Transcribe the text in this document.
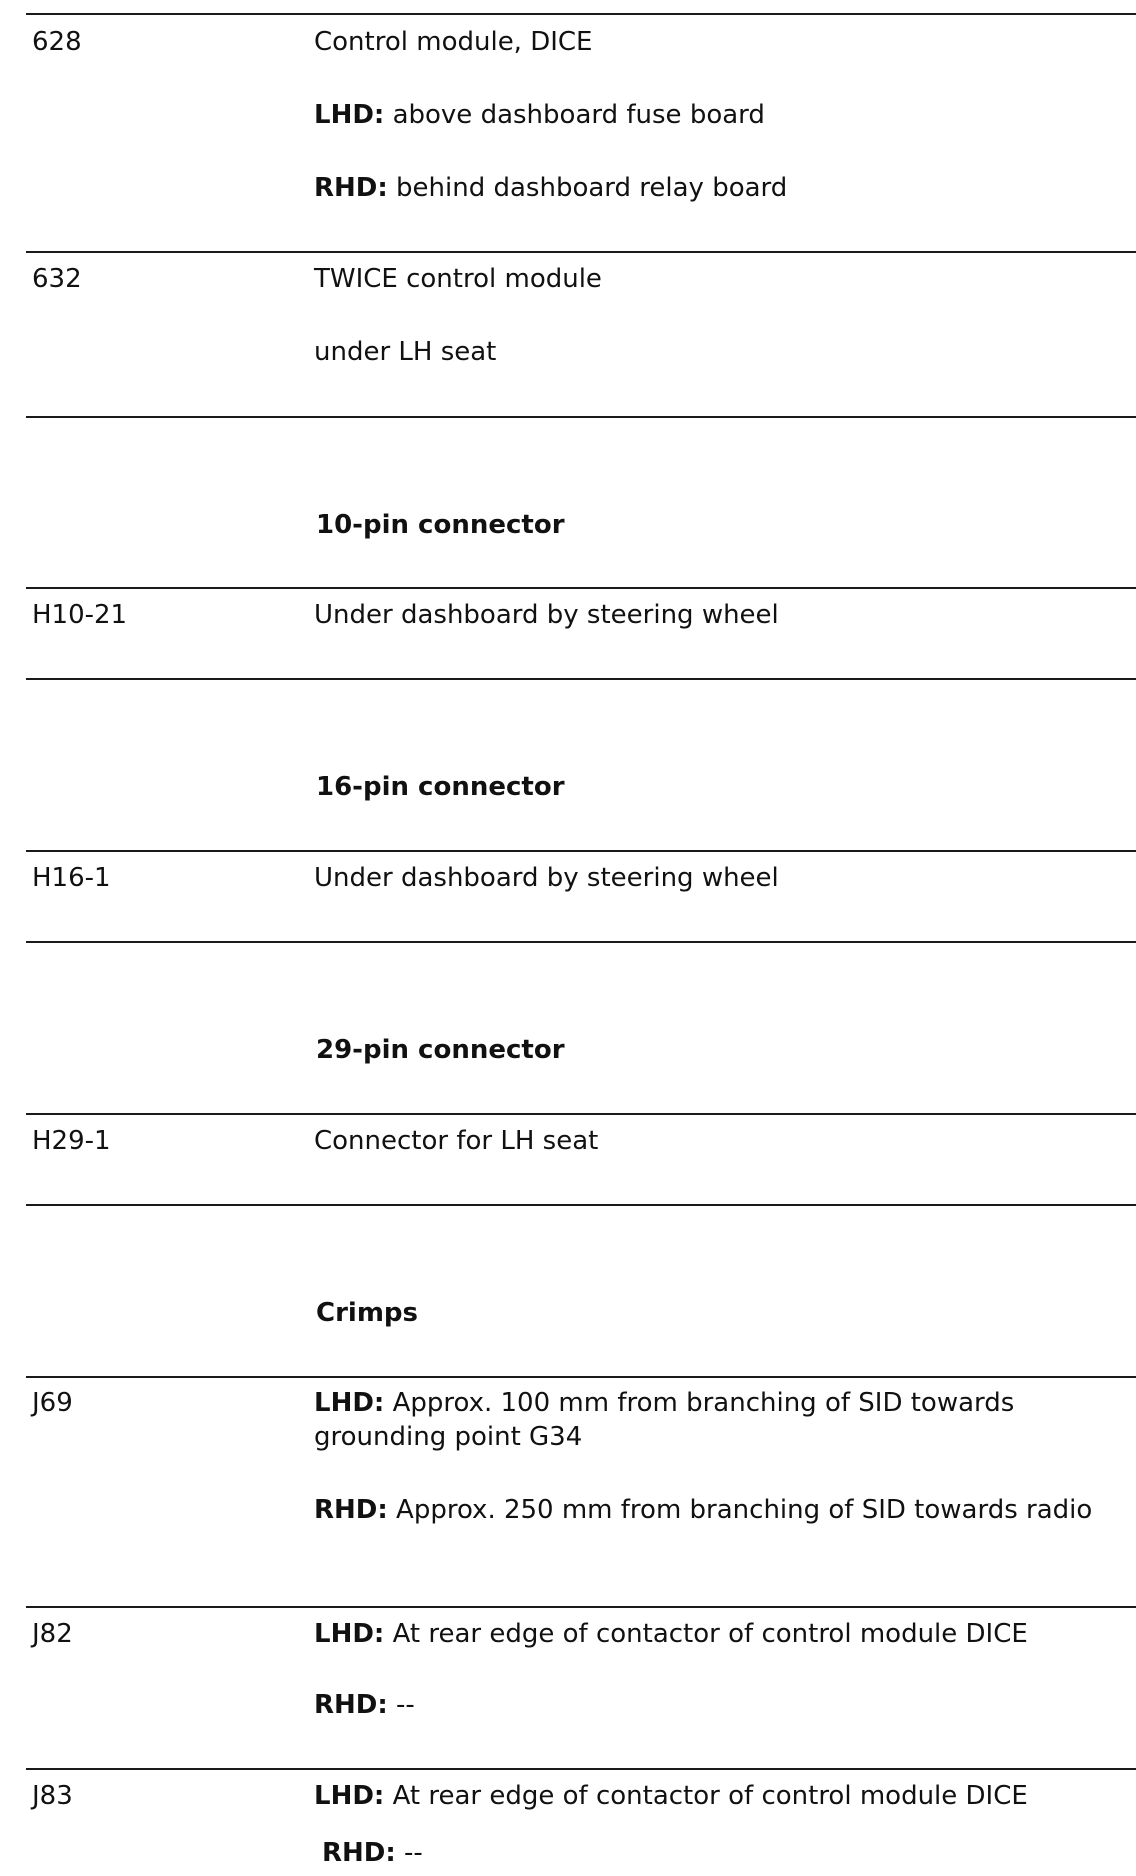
628	Control module, DICE
LHD: above dashboard fuse board
RHD: behind dashboard relay board
632	TWICE control module
under LH seat
10-pin connector
H10-21	Under dashboard by steering wheel
16-pin connector
H16-1	Under dashboard by steering wheel
29-pin connector
H29-1	Connector for LH seat
Crimps
J69	LHD: Approx. 100 mm from branching of SID towards grounding point G34
RHD: Approx. 250 mm from branching of SID towards radio
J82	LHD: At rear edge of contactor of control module DICE
RHD: --
J83	LHD: At rear edge of contactor of control module DICE
RHD: --
